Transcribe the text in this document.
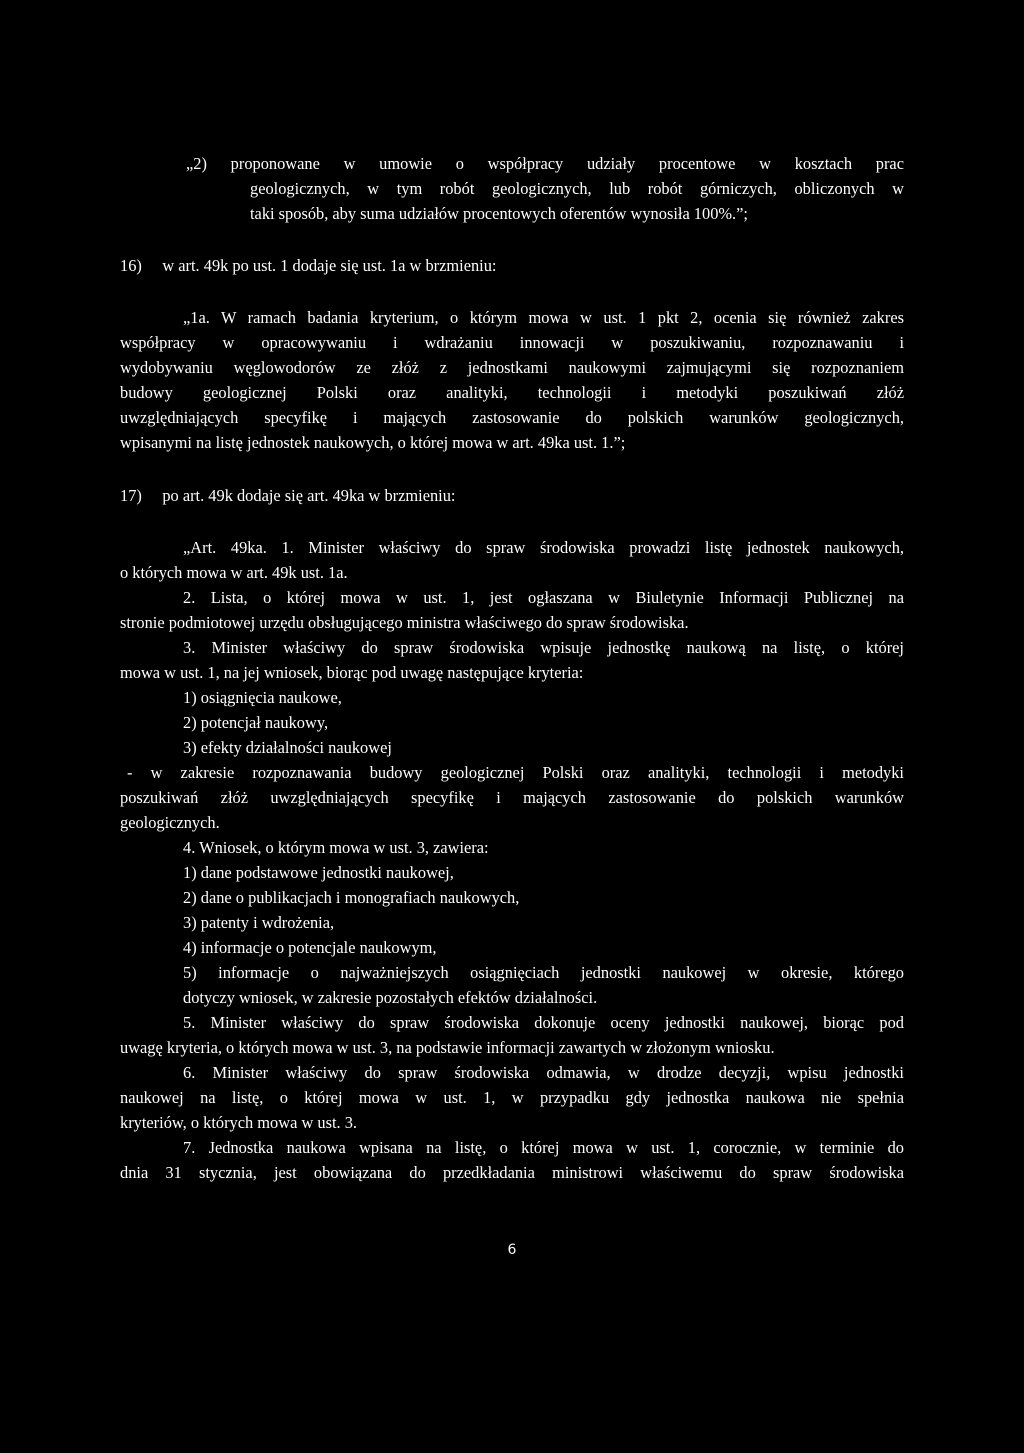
„2) proponowane w umowie o współpracy udziały procentowe w kosztach prac
geologicznych, w tym robót geologicznych, lub robót górniczych, obliczonych w
taki sposób, aby suma udziałów procentowych oferentów wynosiła 100%.”;
16)     w art. 49k po ust. 1 dodaje się ust. 1a w brzmieniu:
„1a. W ramach badania kryterium, o którym mowa w ust. 1 pkt 2, ocenia się również zakres
współpracy w opracowywaniu i wdrażaniu innowacji w poszukiwaniu, rozpoznawaniu i
wydobywaniu węglowodorów ze złóż z jednostkami naukowymi zajmującymi się rozpoznaniem
budowy geologicznej Polski oraz analityki, technologii i metodyki poszukiwań złóż
uwzględniających specyfikę i mających zastosowanie do polskich warunków geologicznych,
wpisanymi na listę jednostek naukowych, o której mowa w art. 49ka ust. 1.”;
17)     po art. 49k dodaje się art. 49ka w brzmieniu:
„Art. 49ka. 1. Minister właściwy do spraw środowiska prowadzi listę jednostek naukowych,
o których mowa w art. 49k ust. 1a.
2. Lista, o której mowa w ust. 1, jest ogłaszana w Biuletynie Informacji Publicznej na
stronie podmiotowej urzędu obsługującego ministra właściwego do spraw środowiska.
3. Minister właściwy do spraw środowiska wpisuje jednostkę naukową na listę, o której
mowa w ust. 1, na jej wniosek, biorąc pod uwagę następujące kryteria:
1) osiągnięcia naukowe,
2) potencjał naukowy,
3) efekty działalności naukowej
- w zakresie rozpoznawania budowy geologicznej Polski oraz analityki, technologii i metodyki
poszukiwań złóż uwzględniających specyfikę i mających zastosowanie do polskich warunków
geologicznych.
4. Wniosek, o którym mowa w ust. 3, zawiera:
1) dane podstawowe jednostki naukowej,
2) dane o publikacjach i monografiach naukowych,
3) patenty i wdrożenia,
4) informacje o potencjale naukowym,
5) informacje o najważniejszych osiągnięciach jednostki naukowej w okresie, którego
dotyczy wniosek, w zakresie pozostałych efektów działalności.
5. Minister właściwy do spraw środowiska dokonuje oceny jednostki naukowej, biorąc pod
uwagę kryteria, o których mowa w ust. 3, na podstawie informacji zawartych w złożonym wniosku.
6. Minister właściwy do spraw środowiska odmawia, w drodze decyzji, wpisu jednostki
naukowej na listę, o której mowa w ust. 1, w przypadku gdy jednostka naukowa nie spełnia
kryteriów, o których mowa w ust. 3.
7. Jednostka naukowa wpisana na listę, o której mowa w ust. 1, corocznie, w terminie do
dnia 31 stycznia, jest obowiązana do przedkładania ministrowi właściwemu do spraw środowiska
6
